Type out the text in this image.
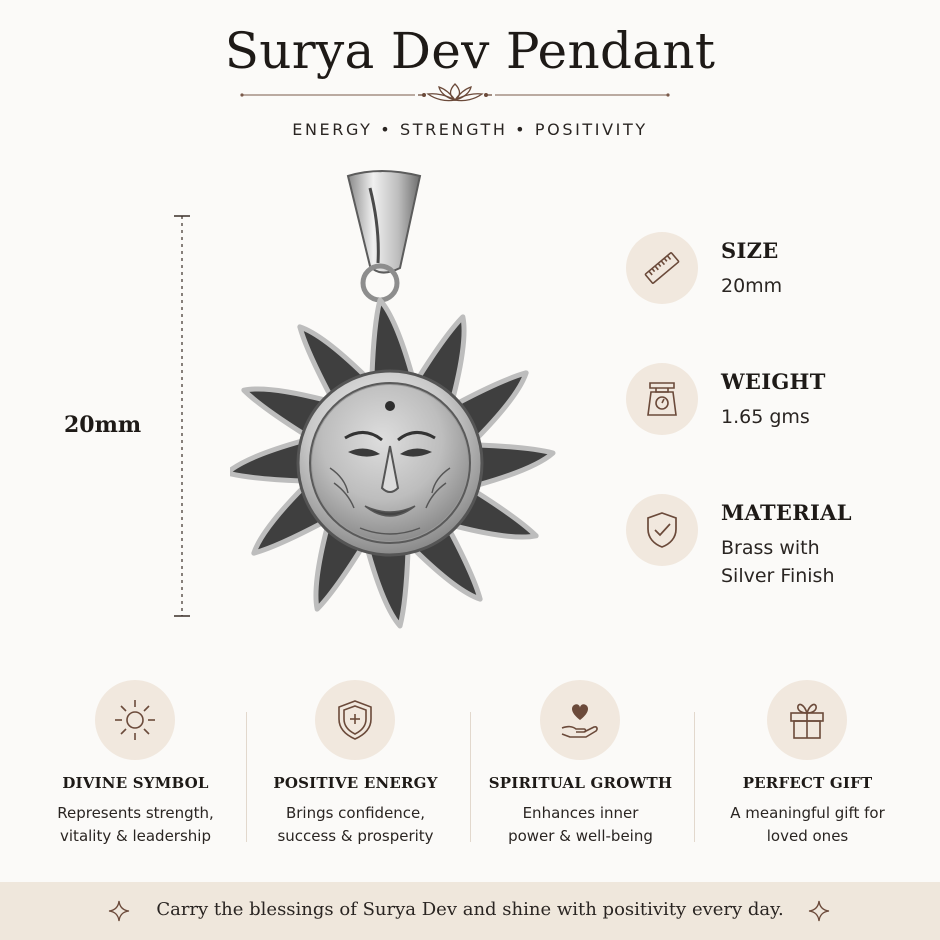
Surya Dev Pendant
ENERGY • STRENGTH • POSITIVITY
20mm
SIZE
20mm
WEIGHT
1.65 gms
MATERIAL
Brass with
Silver Finish
DIVINE SYMBOL
Represents strength,
vitality & leadership
POSITIVE ENERGY
Brings confidence,
success & prosperity
SPIRITUAL GROWTH
Enhances inner
power & well-being
PERFECT GIFT
A meaningful gift for
loved ones
Carry the blessings of Surya Dev and shine with positivity every day.
